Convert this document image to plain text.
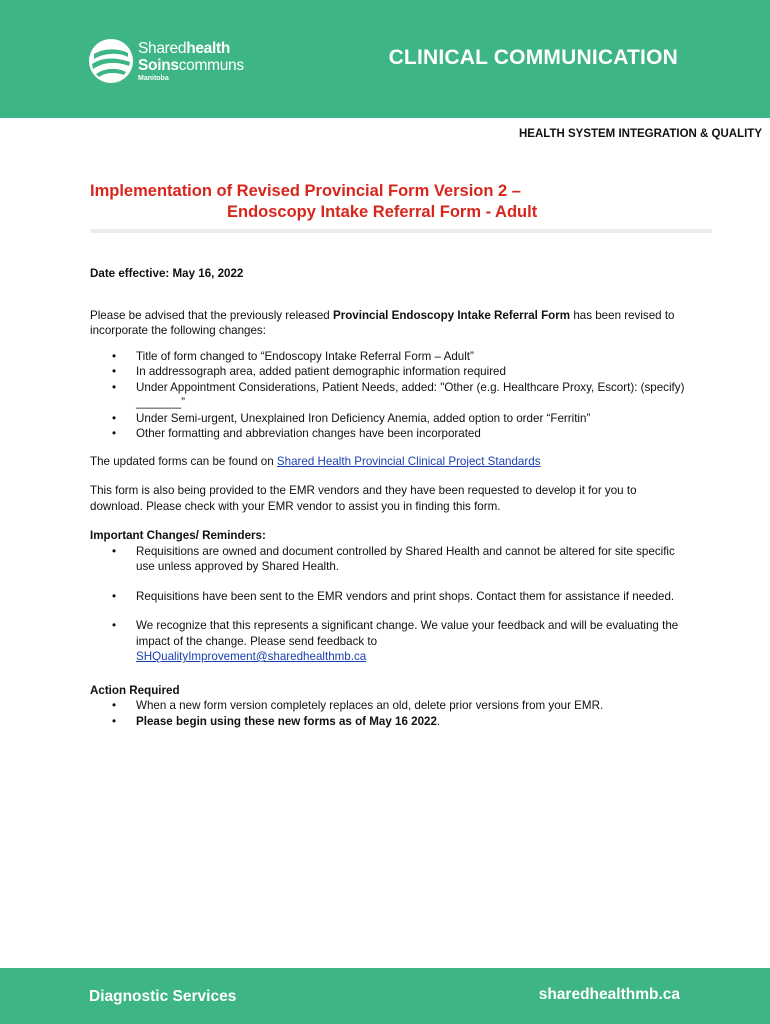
Sharedhealth
Soinscommuns
Manitoba
CLINICAL COMMUNICATION
HEALTH SYSTEM INTEGRATION & QUALITY
Implementation of Revised Provincial Form Version 2 –
Endoscopy Intake Referral Form - Adult
Date effective: May 16, 2022
Please be advised that the previously released Provincial Endoscopy Intake Referral Form has been revised to incorporate the following changes:
• Title of form changed to “Endoscopy Intake Referral Form – Adult”
• In addressograph area, added patient demographic information required
• Under Appointment Considerations, Patient Needs, added: "Other (e.g. Healthcare Proxy, Escort): (specify) _______”
• Under Semi-urgent, Unexplained Iron Deficiency Anemia, added option to order “Ferritin”
• Other formatting and abbreviation changes have been incorporated
The updated forms can be found on Shared Health Provincial Clinical Project Standards
This form is also being provided to the EMR vendors and they have been requested to develop it for you to download. Please check with your EMR vendor to assist you in finding this form.
Important Changes/ Reminders:
• Requisitions are owned and document controlled by Shared Health and cannot be altered for site specific use unless approved by Shared Health.
• Requisitions have been sent to the EMR vendors and print shops. Contact them for assistance if needed.
• We recognize that this represents a significant change. We value your feedback and will be evaluating the impact of the change. Please send feedback to
SHQualityImprovement@sharedhealthmb.ca
Action Required
• When a new form version completely replaces an old, delete prior versions from your EMR.
• Please begin using these new forms as of May 16 2022.
Diagnostic Services	sharedhealthmb.ca
